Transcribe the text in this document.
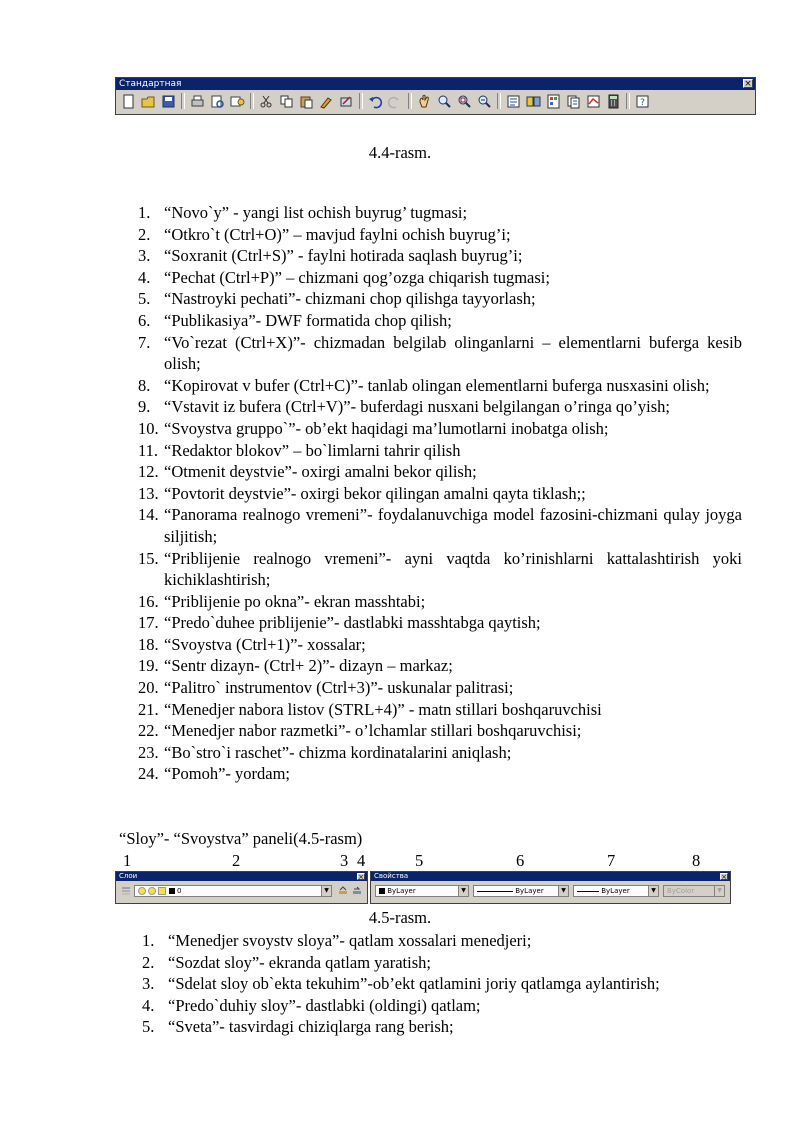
Стандартная	×
?
4.4-rasm.
1. “Novo`y” - yangi list ochish buyrug’ tugmasi;
2. “Otkro`t (Ctrl+O)” – mavjud faylni ochish buyrug’i;
3. “Soxranit (Ctrl+S)” - faylni hotirada saqlash buyrug’i;
4. “Pechat (Ctrl+P)” – chizmani qog’ozga chiqarish tugmasi;
5. “Nastroyki pechati”- chizmani chop qilishga tayyorlash;
6. “Publikasiya”- DWF formatida chop qilish;
7. “Vo`rezat (Ctrl+X)”- chizmadan belgilab olinganlarni – elementlarni buferga kesib olish;
8. “Kopirovat v bufer (Ctrl+C)”- tanlab olingan elementlarni buferga nusxasini olish;
9. “Vstavit iz bufera (Ctrl+V)”- buferdagi nusxani belgilangan o’ringa qo’yish;
10. “Svoystva gruppo`”- ob’ekt haqidagi ma’lumotlarni inobatga olish;
11. “Redaktor blokov” – bo`limlarni tahrir qilish
12. “Otmenit deystvie”- oxirgi amalni bekor qilish;
13. “Povtorit deystvie”- oxirgi bekor qilingan amalni qayta tiklash;;
14. “Panorama realnogo vremeni”- foydalanuvchiga model fazosini-chizmani qulay joyga siljitish;
15. “Priblijenie realnogo vremeni”- ayni vaqtda ko’rinishlarni kattalashtirish yoki kichiklashtirish;
16. “Priblijenie po okna”- ekran masshtabi;
17. “Predo`duhee priblijenie”- dastlabki masshtabga qaytish;
18. “Svoystva (Ctrl+1)”- xossalar;
19. “Sentr dizayn- (Ctrl+ 2)”- dizayn – markaz;
20. “Palitro` instrumentov (Ctrl+3)”- uskunalar palitrasi;
21. “Menedjer nabora listov (STRL+4)” - matn stillari boshqaruvchisi
22. “Menedjer nabor razmetki”- o’lchamlar stillari boshqaruvchisi;
23. “Bo`stro`i raschet”- chizma kordinatalarini aniqlash;
24. “Pomoh”- yordam;
“Sloy”- “Svoystva” paneli(4.5-rasm)
1	2	3 4	5	6	7	8
Слои	×
0	▼
Свойства	×
ByLayer	▼	ByLayer	▼	ByLayer	▼	ByColor	▼
4.5-rasm.
1. “Menedjer svoystv sloya”- qatlam xossalari menedjeri;
2. “Sozdat sloy”- ekranda qatlam yaratish;
3. “Sdelat sloy ob`ekta tekuhim”-ob’ekt qatlamini joriy qatlamga aylantirish;
4. “Predo`duhiy sloy”- dastlabki (oldingi) qatlam;
5. “Sveta”- tasvirdagi chiziqlarga rang berish;
